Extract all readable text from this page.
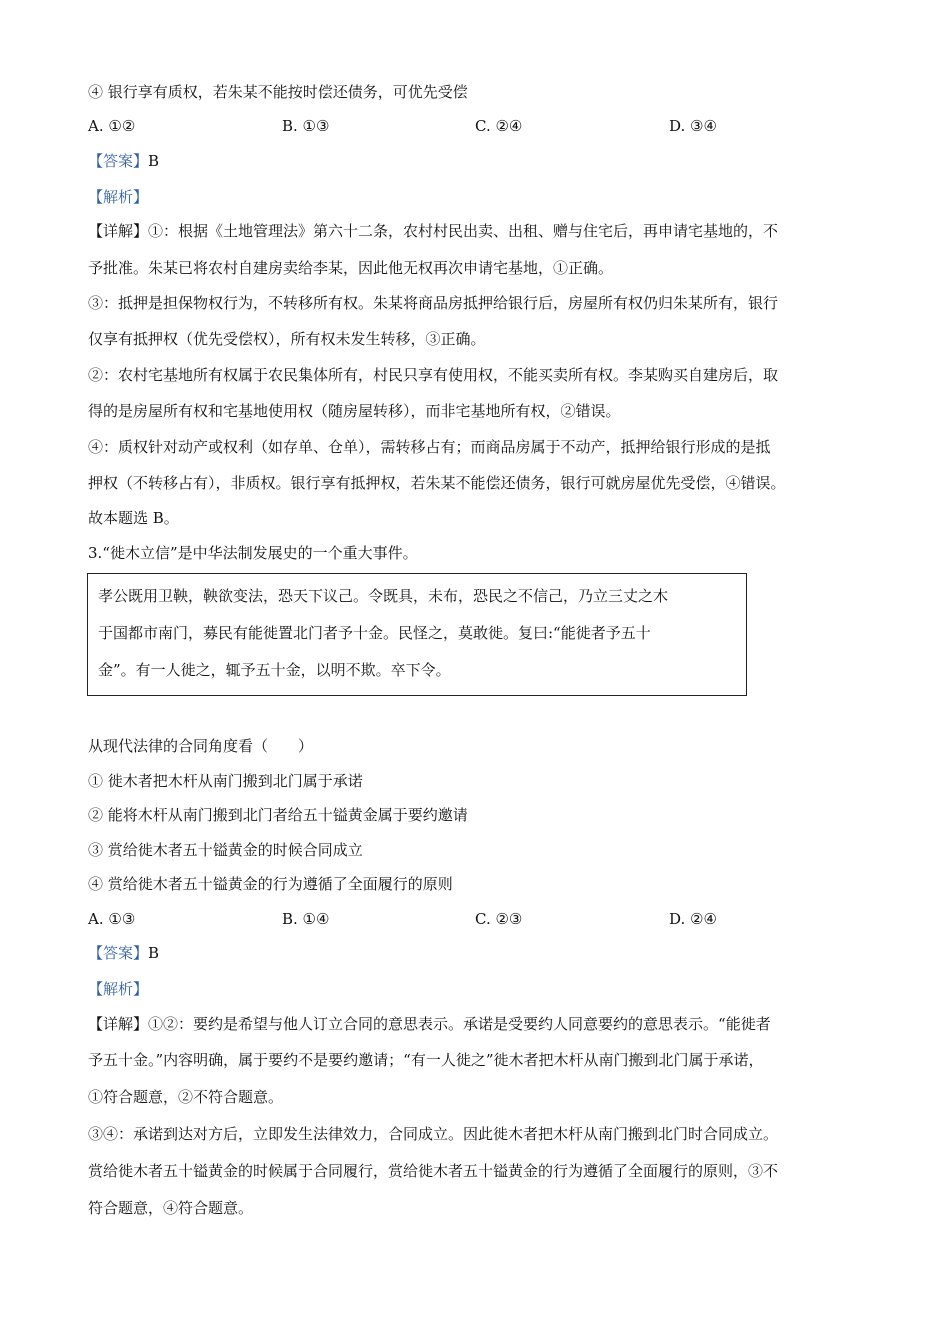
④ 银行享有质权，若朱某不能按时偿还债务，可优先受偿
A. ①②	B. ①③	C. ②④	D. ③④
【答案】B
【解析】
【详解】①：根据《土地管理法》第六十二条，农村村民出卖、出租、赠与住宅后，再申请宅基地的，不
予批准。朱某已将农村自建房卖给李某，因此他无权再次申请宅基地，①正确。
③：抵押是担保物权行为，不转移所有权。朱某将商品房抵押给银行后，房屋所有权仍归朱某所有，银行
仅享有抵押权（优先受偿权），所有权未发生转移，③正确。
②：农村宅基地所有权属于农民集体所有，村民只享有使用权，不能买卖所有权。李某购买自建房后，取
得的是房屋所有权和宅基地使用权（随房屋转移），而非宅基地所有权，②错误。
④：质权针对动产或权利（如存单、仓单），需转移占有；而商品房属于不动产，抵押给银行形成的是抵
押权（不转移占有），非质权。银行享有抵押权，若朱某不能偿还债务，银行可就房屋优先受偿，④错误。
故本题选 B。
3.“徙木立信”是中华法制发展史的一个重大事件。
孝公既用卫鞅，鞅欲变法，恐天下议己。令既具，未布，恐民之不信己，乃立三丈之木
于国都市南门，募民有能徙置北门者予十金。民怪之，莫敢徙。复曰:“能徙者予五十
金”。有一人徙之，辄予五十金，以明不欺。卒下令。
从现代法律的合同角度看（　　）
① 徙木者把木杆从南门搬到北门属于承诺
② 能将木杆从南门搬到北门者给五十镒黄金属于要约邀请
③ 赏给徙木者五十镒黄金的时候合同成立
④ 赏给徙木者五十镒黄金的行为遵循了全面履行的原则
A. ①③	B. ①④	C. ②③	D. ②④
【答案】B
【解析】
【详解】①②：要约是希望与他人订立合同的意思表示。承诺是受要约人同意要约的意思表示。“能徙者
予五十金。”内容明确，属于要约不是要约邀请；“有一人徙之”徙木者把木杆从南门搬到北门属于承诺，
①符合题意，②不符合题意。
③④：承诺到达对方后，立即发生法律效力，合同成立。因此徙木者把木杆从南门搬到北门时合同成立。
赏给徙木者五十镒黄金的时候属于合同履行，赏给徙木者五十镒黄金的行为遵循了全面履行的原则，③不
符合题意，④符合题意。
